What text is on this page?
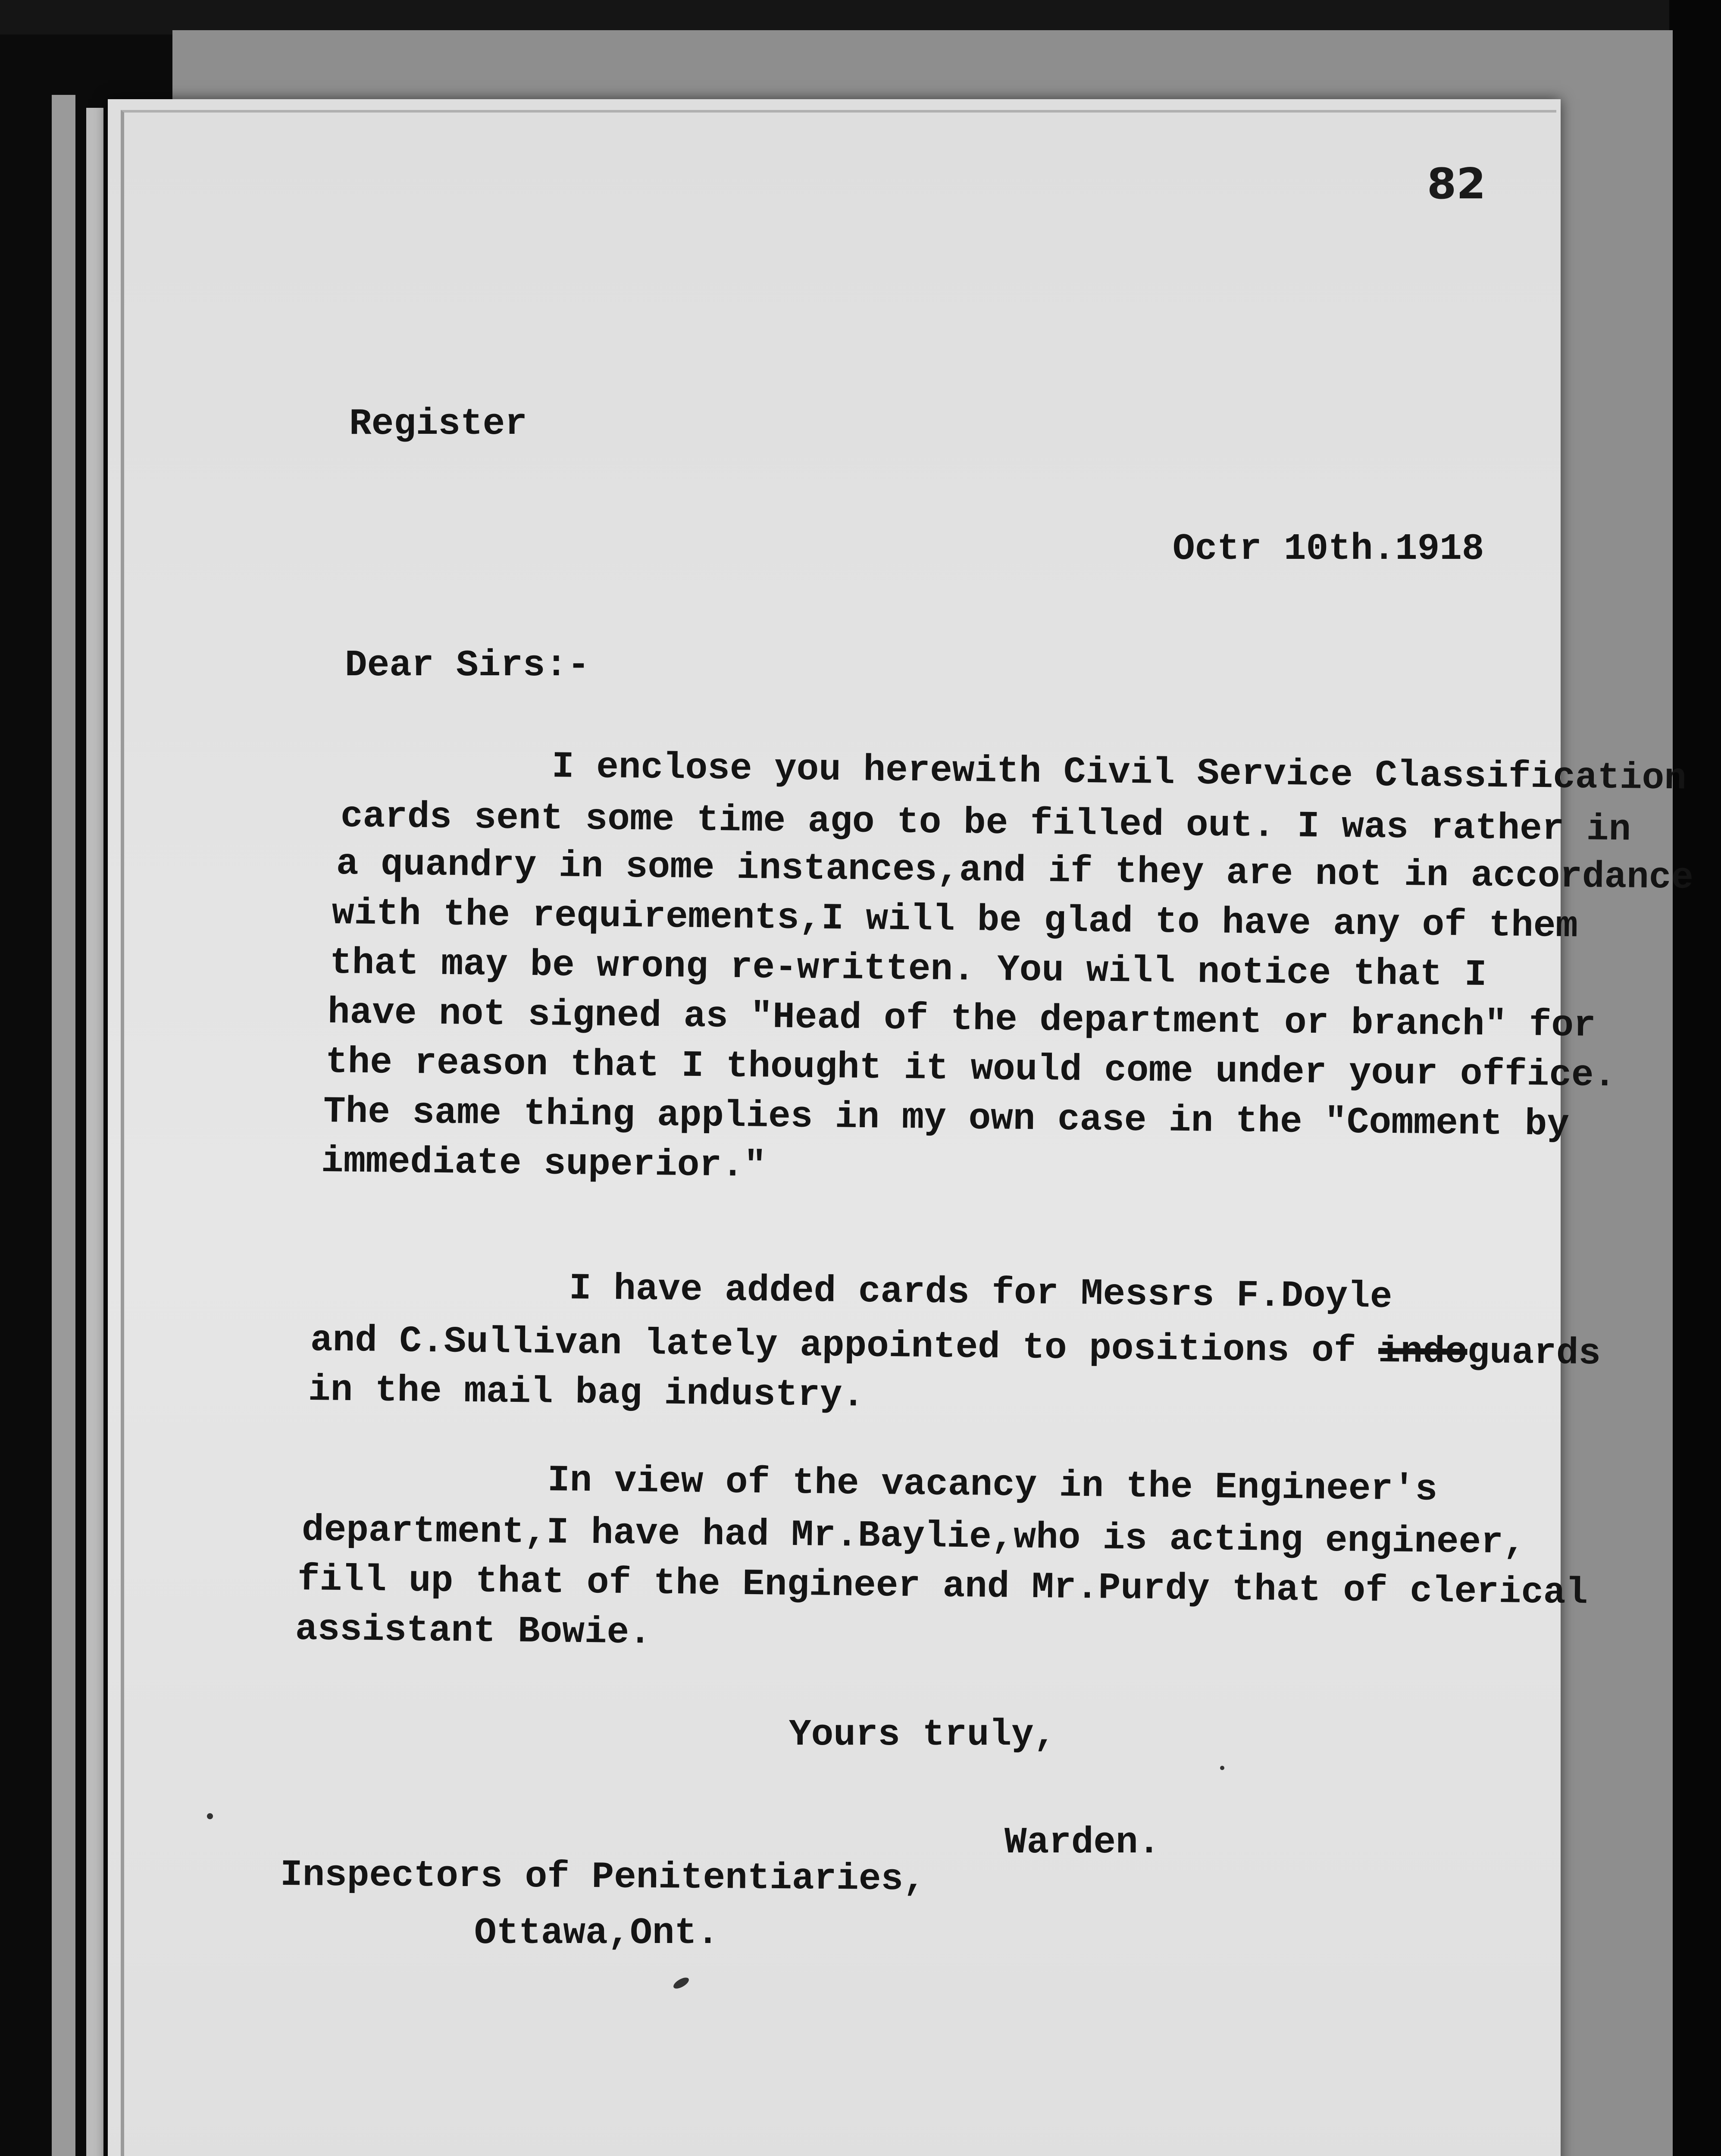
82
Register
Octr 10th.1918
Dear Sirs:-
I enclose you herewith Civil Service Classification
cards sent some time ago to be filled out. I was rather in
a quandry in some instances,and if they are not in accordance
with the requirements,I will be glad to have any of them
that may be wrong re-written. You will notice that I
have not signed as "Head of the department or branch" for
the reason that I thought it would come under your office.
The same thing applies in my own case in the "Comment by
immediate superior."
I have added cards for Messrs F.Doyle
and C.Sullivan lately appointed to positions of indoguards
in the mail bag industry.
In view of the vacancy in the Engineer's
department,I have had Mr.Baylie,who is acting engineer,
fill up that of the Engineer and Mr.Purdy that of clerical
assistant Bowie.
Yours truly,
Warden.
Inspectors of Penitentiaries,
Ottawa,Ont.
